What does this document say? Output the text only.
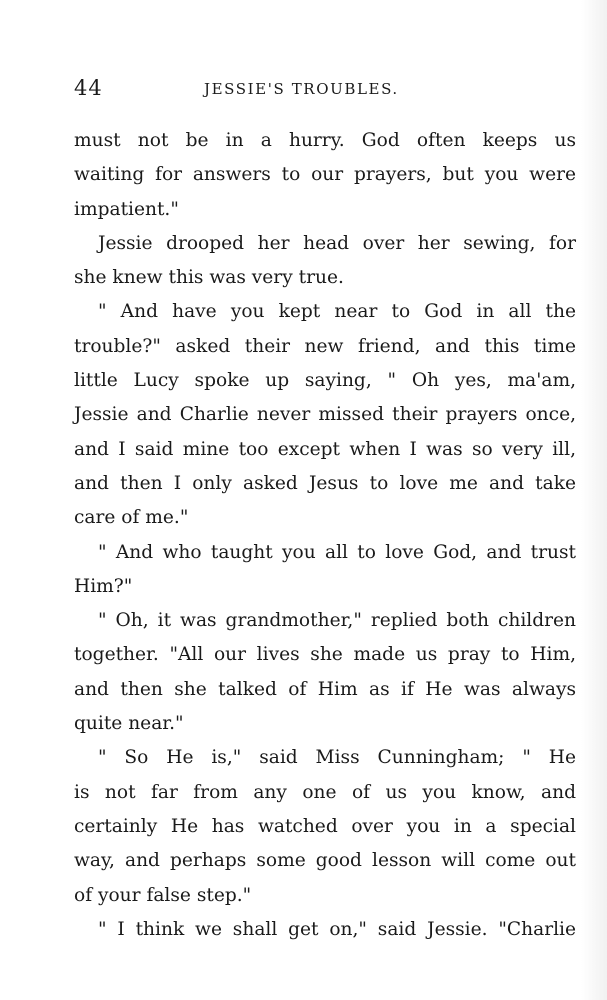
44	JESSIE'S TROUBLES.

must not be in a hurry. God often keeps us
waiting for answers to our prayers, but you were
impatient."

Jessie drooped her head over her sewing, for
she knew this was very true.

" And have you kept near to God in all the
trouble?" asked their new friend, and this time
little Lucy spoke up saying, " Oh yes, ma'am,
Jessie and Charlie never missed their prayers once,
and I said mine too except when I was so very ill,
and then I only asked Jesus to love me and take
care of me."

" And who taught you all to love God, and trust
Him?"

" Oh, it was grandmother," replied both children
together. "All our lives she made us pray to Him,
and then she talked of Him as if He was always
quite near."

" So He is," said Miss Cunningham; " He
is not far from any one of us you know, and
certainly He has watched over you in a special
way, and perhaps some good lesson will come out
of your false step."

" I think we shall get on," said Jessie. "Charlie
